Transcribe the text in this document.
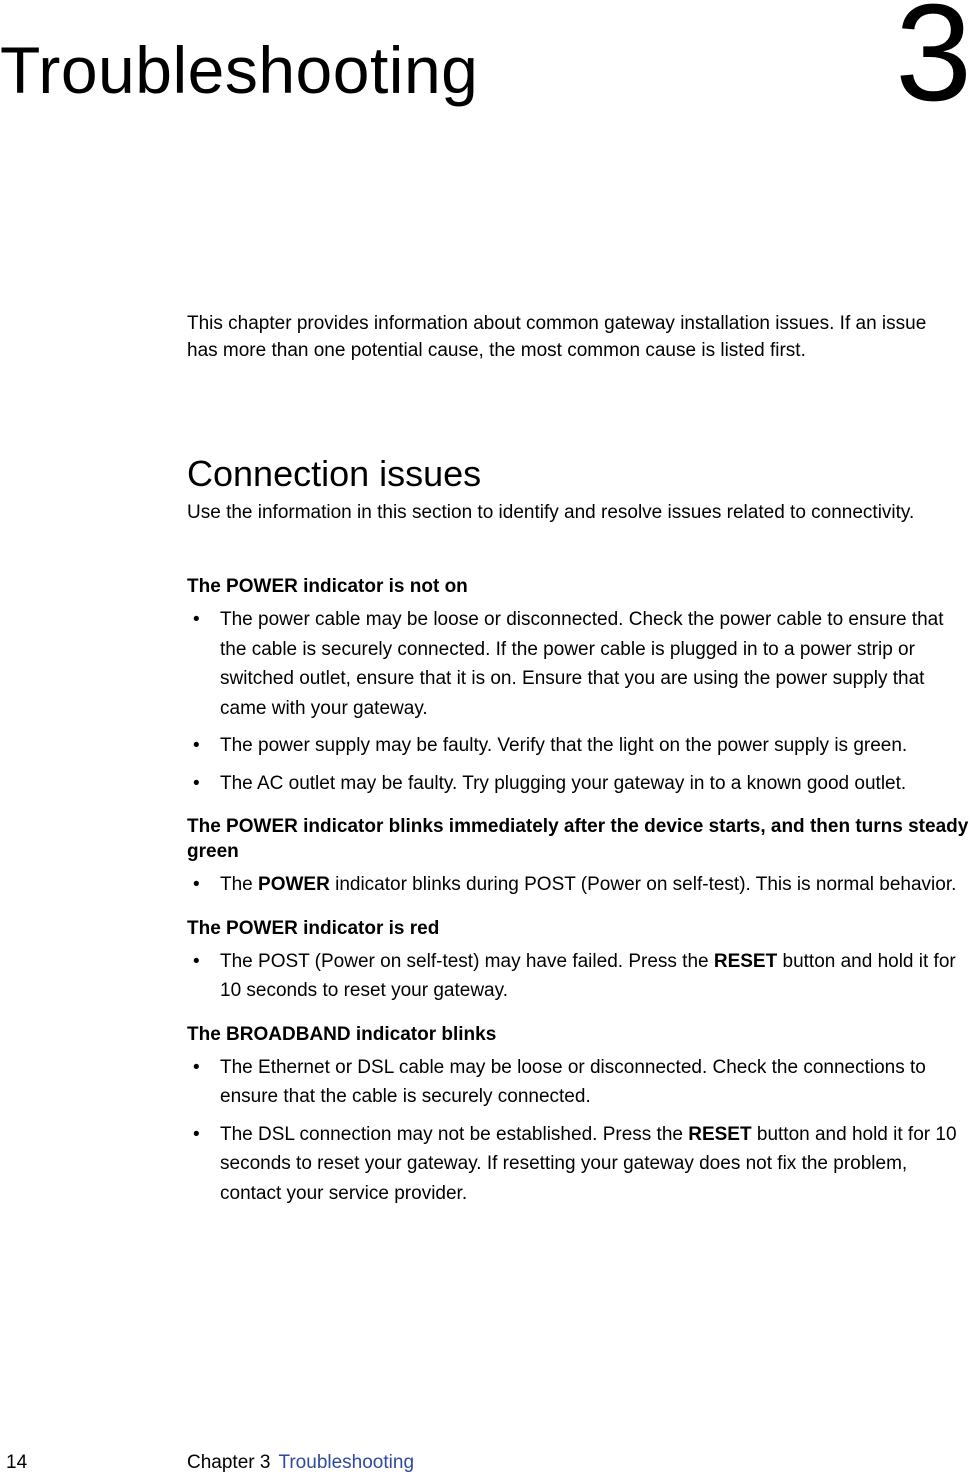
Troubleshooting	3

This chapter provides information about common gateway installation issues. If an issue has more than one potential cause, the most common cause is listed first.

Connection issues

Use the information in this section to identify and resolve issues related to connectivity.

The POWER indicator is not on
• The power cable may be loose or disconnected. Check the power cable to ensure that the cable is securely connected. If the power cable is plugged in to a power strip or switched outlet, ensure that it is on. Ensure that you are using the power supply that came with your gateway.
• The power supply may be faulty. Verify that the light on the power supply is green.
• The AC outlet may be faulty. Try plugging your gateway in to a known good outlet.
The POWER indicator blinks immediately after the device starts, and then turns steady green
• The POWER indicator blinks during POST (Power on self-test). This is normal behavior.
The POWER indicator is red
• The POST (Power on self-test) may have failed. Press the RESET button and hold it for 10 seconds to reset your gateway.
The BROADBAND indicator blinks
• The Ethernet or DSL cable may be loose or disconnected. Check the connections to ensure that the cable is securely connected.
• The DSL connection may not be established. Press the RESET button and hold it for 10 seconds to reset your gateway. If resetting your gateway does not fix the problem, contact your service provider.
14	Chapter 3 Troubleshooting
